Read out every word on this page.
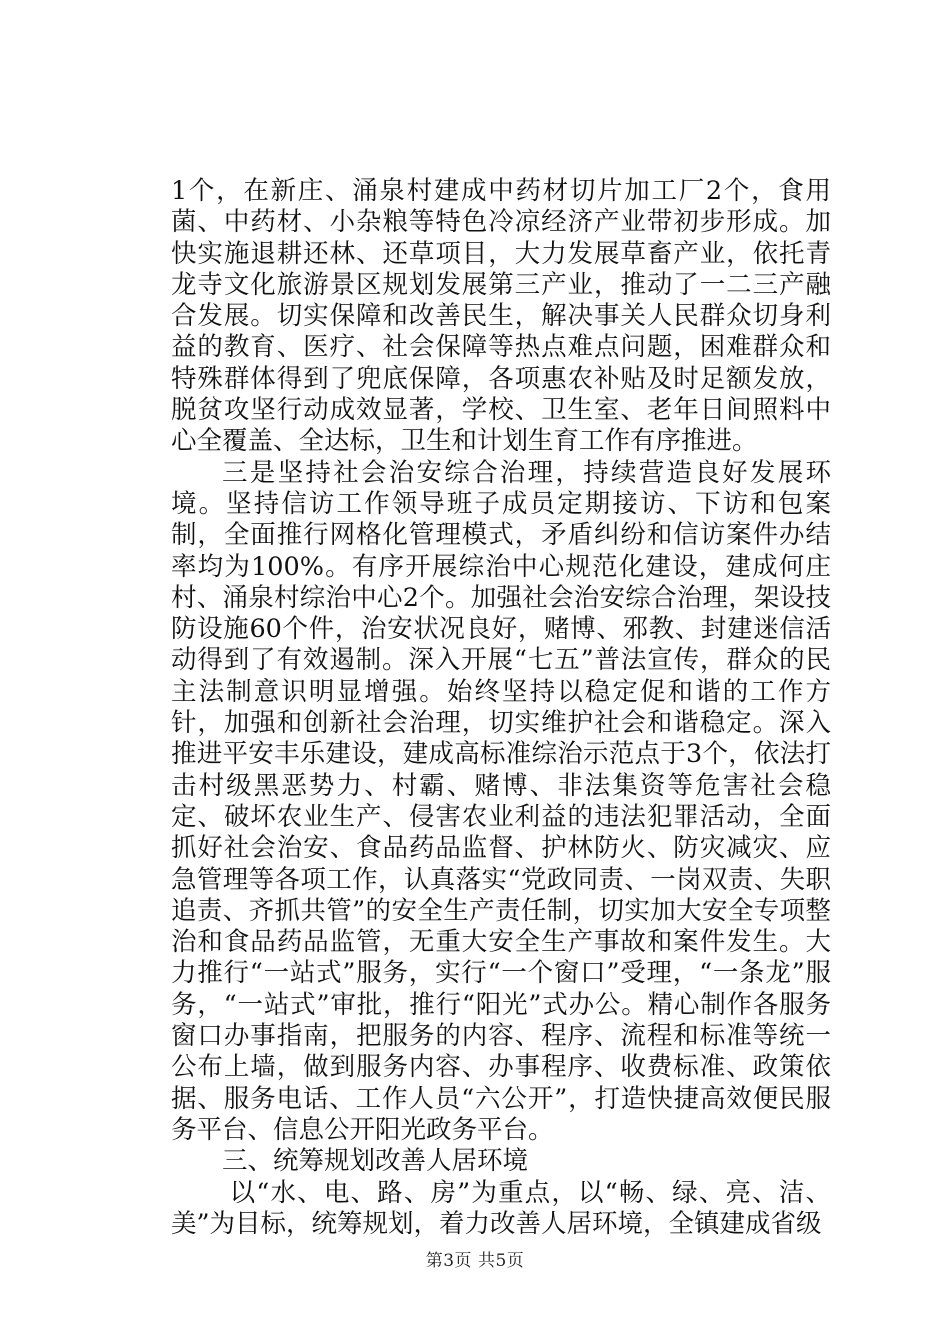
1个，在新庄、涌泉村建成中药材切片加工厂2个，食用菌、中药材、小杂粮等特色冷凉经济产业带初步形成。加快实施退耕还林、还草项目，大力发展草畜产业，依托青龙寺文化旅游景区规划发展第三产业，推动了一二三产融合发展。切实保障和改善民生，解决事关人民群众切身利益的教育、医疗、社会保障等热点难点问题，困难群众和特殊群体得到了兜底保障，各项惠农补贴及时足额发放，脱贫攻坚行动成效显著，学校、卫生室、老年日间照料中心全覆盖、全达标，卫生和计划生育工作有序推进。

三是坚持社会治安综合治理，持续营造良好发展环境。坚持信访工作领导班子成员定期接访、下访和包案制，全面推行网格化管理模式，矛盾纠纷和信访案件办结率均为100%。有序开展综治中心规范化建设，建成何庄村、涌泉村综治中心2个。加强社会治安综合治理，架设技防设施60个件，治安状况良好，赌博、邪教、封建迷信活动得到了有效遏制。深入开展“七五”普法宣传，群众的民主法制意识明显增强。始终坚持以稳定促和谐的工作方针，加强和创新社会治理，切实维护社会和谐稳定。深入推进平安丰乐建设，建成高标准综治示范点于3个，依法打击村级黑恶势力、村霸、赌博、非法集资等危害社会稳定、破坏农业生产、侵害农业利益的违法犯罪活动，全面抓好社会治安、食品药品监督、护林防火、防灾减灾、应急管理等各项工作，认真落实“党政同责、一岗双责、失职追责、齐抓共管”的安全生产责任制，切实加大安全专项整治和食品药品监管，无重大安全生产事故和案件发生。大力推行“一站式”服务，实行“一个窗口”受理，“一条龙”服务，“一站式”审批，推行“阳光”式办公。精心制作各服务窗口办事指南，把服务的内容、程序、流程和标准等统一公布上墙，做到服务内容、办事程序、收费标准、政策依据、服务电话、工作人员“六公开”，打造快捷高效便民服务平台、信息公开阳光政务平台。

三、统筹规划改善人居环境

以“水、电、路、房”为重点，以“畅、绿、亮、洁、美”为目标，统筹规划，着力改善人居环境，全镇建成省级

第3页 共5页
